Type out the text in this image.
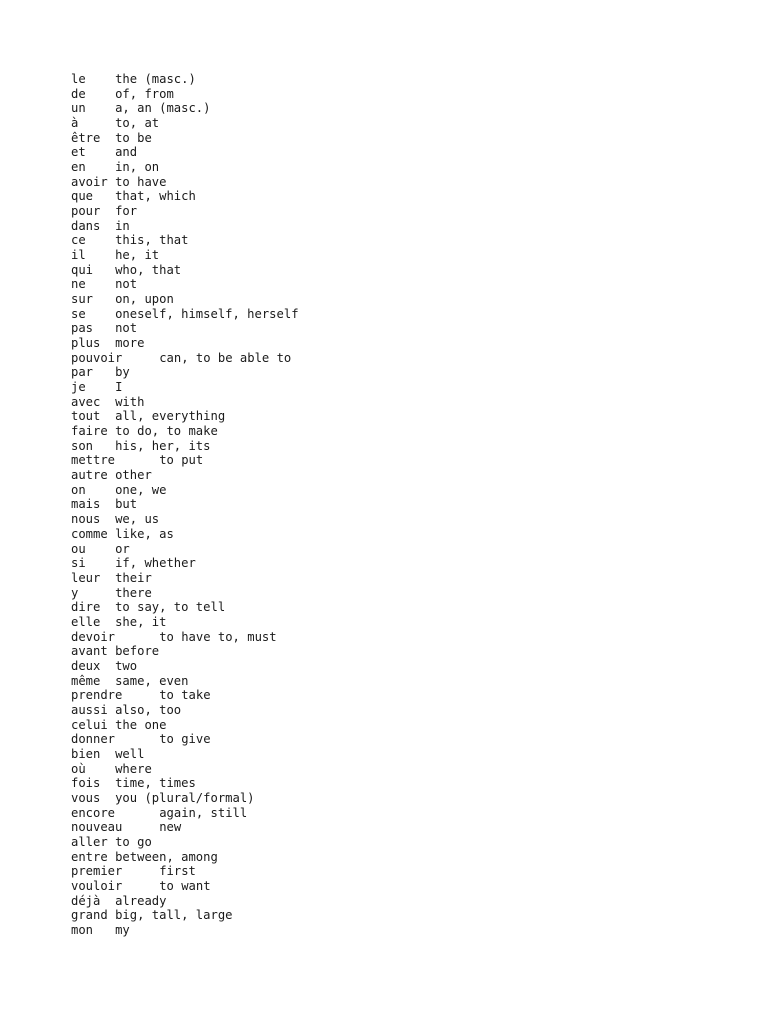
le the (masc.)
de of, from
un a, an (masc.)
à	to, at
être to be
et and
en in, on
avoir to have
que that, which
pour for
dans in
ce this, that
il he, it
qui who, that
ne not
sur on, upon
se oneself, himself, herself
pas not
plus more
pouvoir	can, to be able to
par by
je I
avec with
tout all, everything
faire to do, to make
son his, her, its
mettre	to put
autre other
on one, we
mais but
nous we, us
comme like, as
ou or
si if, whether
leur their
y	there
dire to say, to tell
elle she, it
devoir	to have to, must
avant before
deux two
même same, even
prendre	to take
aussi also, too
celui the one
donner	to give
bien well
où where
fois time, times
vous you (plural/formal)
encore	again, still
nouveau	new
aller to go
entre between, among
premier	first
vouloir	to want
déjà already
grand big, tall, large
mon my
